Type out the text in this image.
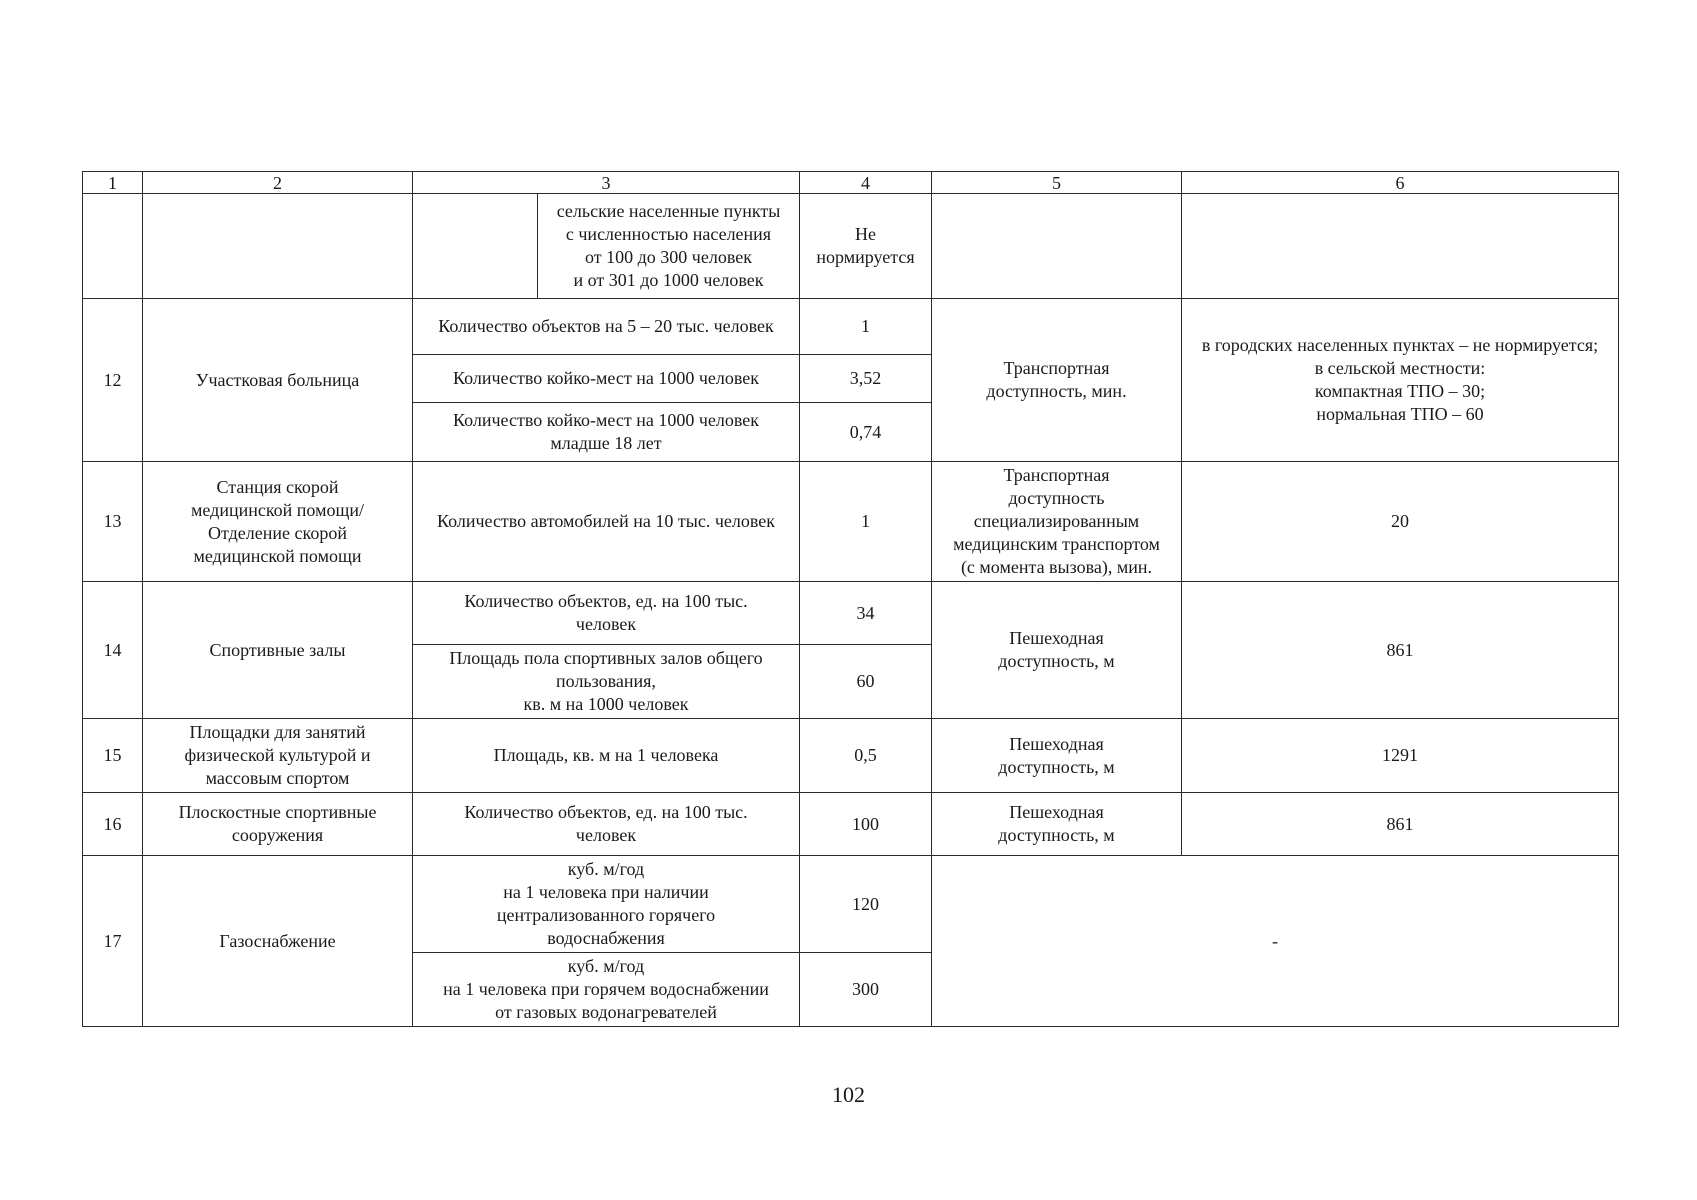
1	2	3		4	5	6
			сельские населенные пункты
с численностью населения
от 100 до 300 человек
и от 301 до 1000 человек	Не
нормируется		
12	Участковая больница	Количество объектов на 5 – 20 тыс. человек		1	Транспортная
доступность, мин.	в городских населенных пунктах – не нормируется;
в сельской местности:
компактная ТПО – 30;
нормальная ТПО – 60
		Количество койко-мест на 1000 человек		3,52		
		Количество койко-мест на 1000 человек
младше 18 лет		0,74		
13	Станция скорой
медицинской помощи/
Отделение скорой
медицинской помощи	Количество автомобилей на 10 тыс. человек		1	Транспортная
доступность
специализированным
медицинским транспортом
(с момента вызова), мин.	20
14	Спортивные залы	Количество объектов, ед. на 100 тыс.
человек		34	Пешеходная
доступность, м	861
		Площадь пола спортивных залов общего
пользования,
кв. м на 1000 человек		60		
15	Площадки для занятий
физической культурой и
массовым спортом	Площадь, кв. м на 1 человека		0,5	Пешеходная
доступность, м	1291
16	Плоскостные спортивные
сооружения	Количество объектов, ед. на 100 тыс.
человек		100	Пешеходная
доступность, м	861
17	Газоснабжение	куб. м/год
на 1 человека при наличии
централизованного горячего
водоснабжения		120	-	
		куб. м/год
на 1 человека при горячем водоснабжении
от газовых водонагревателей		300		
102
